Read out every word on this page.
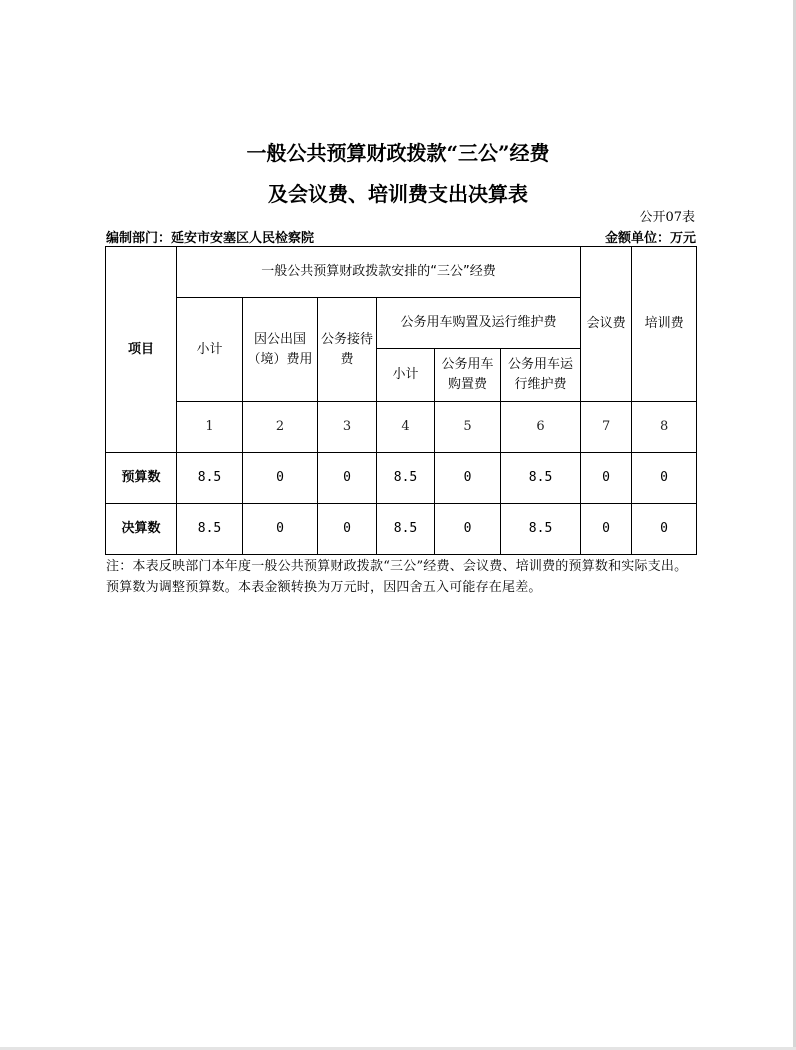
一般公共预算财政拨款“三公”经费
及会议费、培训费支出决算表
公开07表
编制部门：延安市安塞区人民检察院	金额单位：万元
项目	一般公共预算财政拨款安排的“三公”经费						会议费	培训费
	小计	因公出国（境）费用	公务接待费	公务用车购置及运行维护费				
				小计	公务用车购置费	公务用车运行维护费		
	1	2	3	4	5	6	7	8
预算数	8.5	0	0	8.5	0	8.5	0	0
决算数	8.5	0	0	8.5	0	8.5	0	0
注：本表反映部门本年度一般公共预算财政拨款“三公”经费、会议费、培训费的预算数和实际支出。预算数为调整预算数。本表金额转换为万元时，因四舍五入可能存在尾差。
